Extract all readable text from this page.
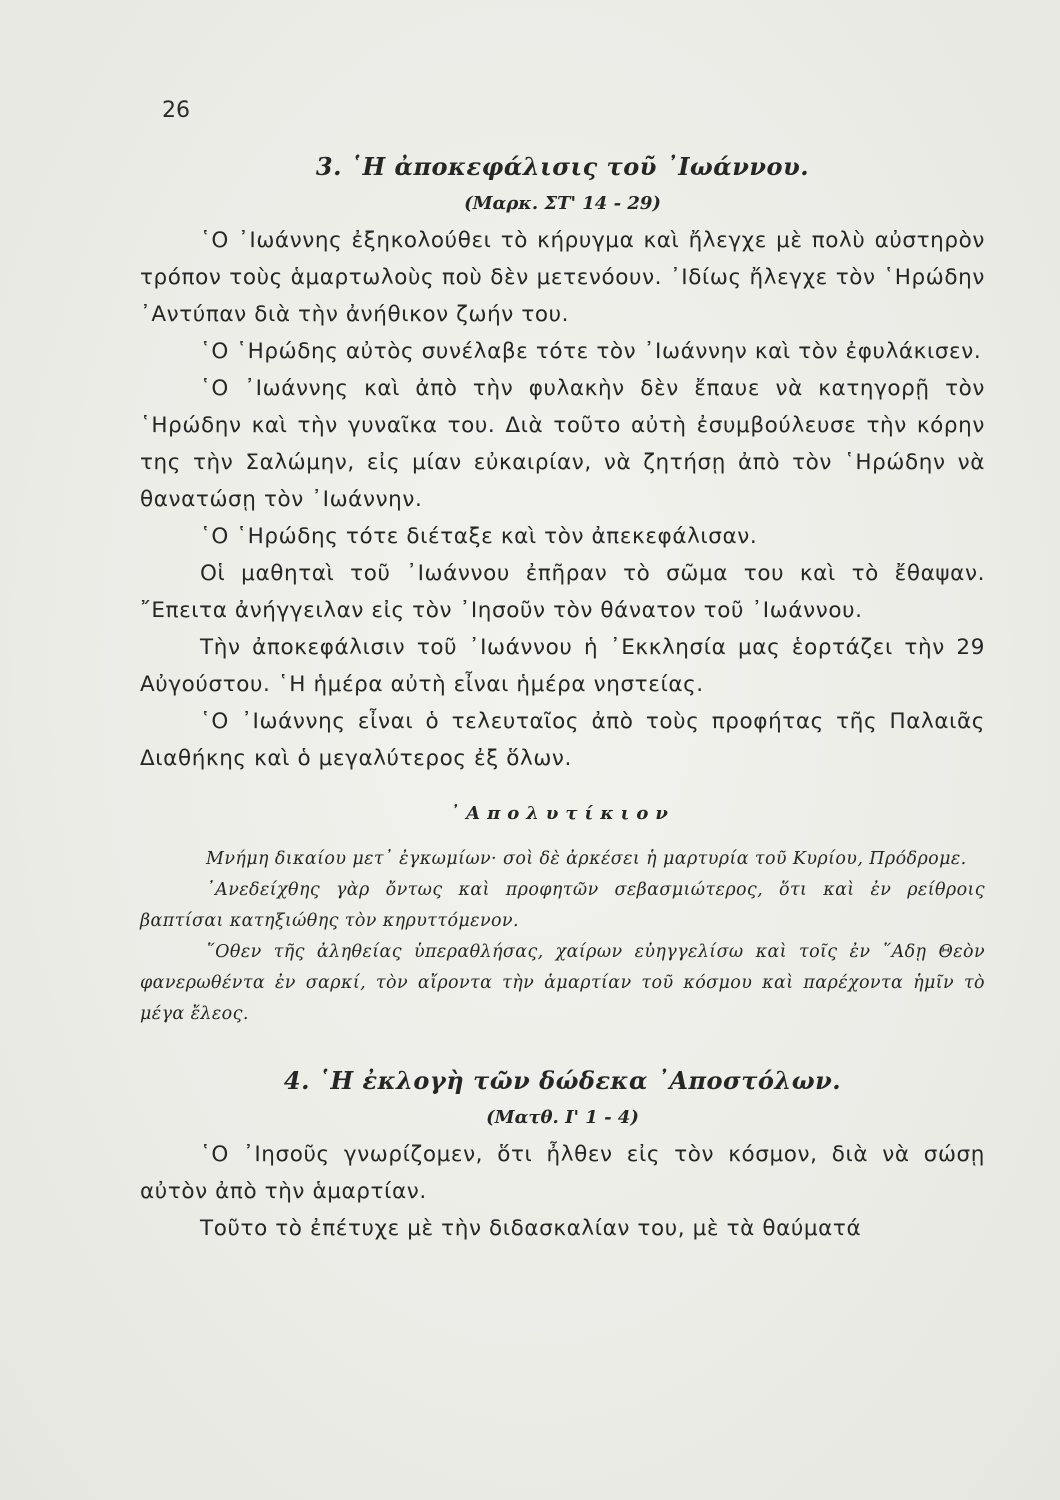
26
3. ῾Η ἀποκεφάλισις τοῦ ᾿Ιωάννου.
(Μαρκ. ΣΤ' 14 - 29)

῾Ο ᾿Ιωάννης ἐξηκολούθει τὸ κήρυγμα καὶ ἤλεγχε μὲ πολὺ αὐστηρὸν τρόπον τοὺς ἁμαρτωλοὺς ποὺ δὲν μετενόουν. ᾿Ιδίως ἤλεγχε τὸν ῾Ηρώδην ᾿Αντύπαν διὰ τὴν ἀνήθικον ζωήν του.

῾Ο ῾Ηρώδης αὐτὸς συνέλαβε τότε τὸν ᾿Ιωάννην καὶ τὸν ἐφυλάκισεν.

῾Ο ᾿Ιωάννης καὶ ἀπὸ τὴν φυλακὴν δὲν ἔπαυε νὰ κατηγορῇ τὸν ῾Ηρώδην καὶ τὴν γυναῖκα του. Διὰ τοῦτο αὐτὴ ἐσυμβούλευσε τὴν κόρην της τὴν Σαλώμην, εἰς μίαν εὐκαιρίαν, νὰ ζητήσῃ ἀπὸ τὸν ῾Ηρώδην νὰ θανατώσῃ τὸν ᾿Ιωάννην.

῾Ο ῾Ηρώδης τότε διέταξε καὶ τὸν ἀπεκεφάλισαν.

Οἱ μαθηταὶ τοῦ ᾿Ιωάννου ἐπῆραν τὸ σῶμα του καὶ τὸ ἔθαψαν. ῎Επειτα ἀνήγγειλαν εἰς τὸν ᾿Ιησοῦν τὸν θάνατον τοῦ ᾿Ιωάννου.

Τὴν ἀποκεφάλισιν τοῦ ᾿Ιωάννου ἡ ᾿Εκκλησία μας ἑορτάζει τὴν 29 Αὐγούστου. ῾Η ἡμέρα αὐτὴ εἶναι ἡμέρα νηστείας.

῾Ο ᾿Ιωάννης εἶναι ὁ τελευταῖος ἀπὸ τοὺς προφήτας τῆς Παλαιᾶς Διαθήκης καὶ ὁ μεγαλύτερος ἐξ ὅλων.

᾿Απολυτίκιον

Μνήμη δικαίου μετ᾿ ἐγκωμίων· σοὶ δὲ ἀρκέσει ἡ μαρτυρία τοῦ Κυρίου, Πρόδρομε.

᾿Ανεδείχθης γὰρ ὄντως καὶ προφητῶν σεβασμιώτερος, ὅτι καὶ ἐν ρείθροις βαπτίσαι κατηξιώθης τὸν κηρυττόμενον.

῞Οθεν τῆς ἀληθείας ὑπεραθλήσας, χαίρων εὐηγγελίσω καὶ τοῖς ἐν ῞Αδῃ Θεὸν φανερωθέντα ἐν σαρκί, τὸν αἴροντα τὴν ἁμαρτίαν τοῦ κόσμου καὶ παρέχοντα ἡμῖν τὸ μέγα ἔλεος.

4. ῾Η ἐκλογὴ τῶν δώδεκα ᾿Αποστόλων.
(Ματθ. Ι' 1 - 4)

῾Ο ᾿Ιησοῦς γνωρίζομεν, ὅτι ἦλθεν εἰς τὸν κόσμον, διὰ νὰ σώσῃ αὐτὸν ἀπὸ τὴν ἁμαρτίαν.

Τοῦτο τὸ ἐπέτυχε μὲ τὴν διδασκαλίαν του, μὲ τὰ θαύματά
